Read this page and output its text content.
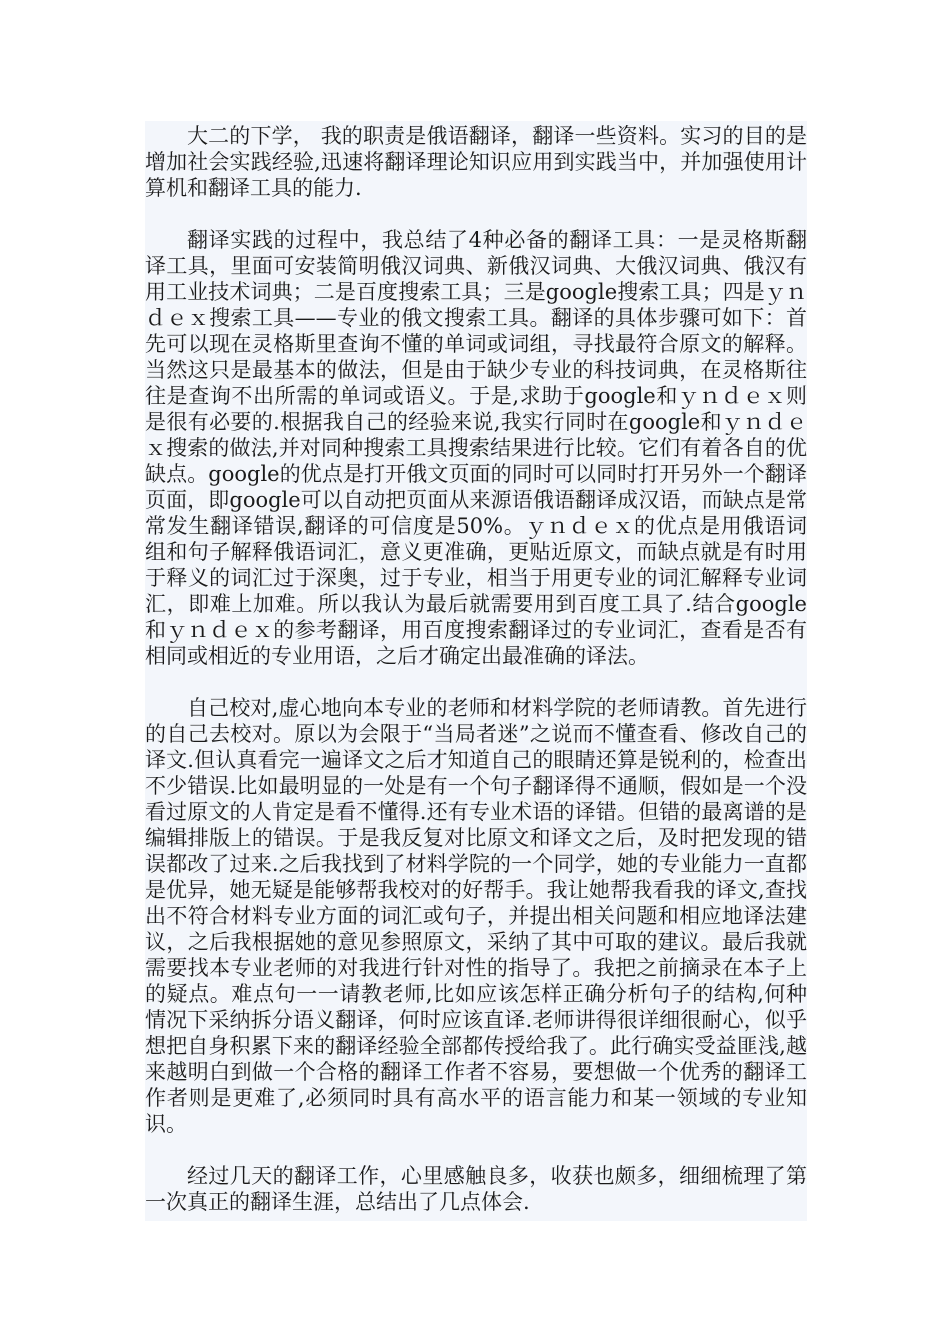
大二的下学， 我的职责是俄语翻译，翻译一些资料。实习的目的是增加社会实践经验,迅速将翻译理论知识应用到实践当中，并加强使用计算机和翻译工具的能力.

翻译实践的过程中，我总结了4种必备的翻译工具：一是灵格斯翻译工具，里面可安装简明俄汉词典、新俄汉词典、大俄汉词典、俄汉有用工业技术词典；二是百度搜索工具；三是google搜索工具；四是ｙｎｄｅｘ搜索工具——专业的俄文搜索工具。翻译的具体步骤可如下：首先可以现在灵格斯里查询不懂的单词或词组，寻找最符合原文的解释。当然这只是最基本的做法，但是由于缺少专业的科技词典，在灵格斯往往是查询不出所需的单词或语义。于是,求助于google和ｙｎｄｅｘ则是很有必要的.根据我自己的经验来说,我实行同时在google和ｙｎｄｅｘ搜索的做法,并对同种搜索工具搜索结果进行比较。它们有着各自的优缺点。google的优点是打开俄文页面的同时可以同时打开另外一个翻译页面，即google可以自动把页面从来源语俄语翻译成汉语，而缺点是常常发生翻译错误,翻译的可信度是50%。ｙｎｄｅｘ的优点是用俄语词组和句子解释俄语词汇，意义更准确，更贴近原文，而缺点就是有时用于释义的词汇过于深奥，过于专业，相当于用更专业的词汇解释专业词汇，即难上加难。所以我认为最后就需要用到百度工具了.结合google和ｙｎｄｅｘ的参考翻译，用百度搜索翻译过的专业词汇，查看是否有相同或相近的专业用语，之后才确定出最准确的译法。

自己校对,虚心地向本专业的老师和材料学院的老师请教。首先进行的自己去校对。原以为会限于“当局者迷”之说而不懂查看、修改自己的译文.但认真看完一遍译文之后才知道自己的眼睛还算是锐利的，检查出不少错误.比如最明显的一处是有一个句子翻译得不通顺，假如是一个没看过原文的人肯定是看不懂得.还有专业术语的译错。但错的最离谱的是编辑排版上的错误。于是我反复对比原文和译文之后，及时把发现的错误都改了过来.之后我找到了材料学院的一个同学，她的专业能力一直都是优异，她无疑是能够帮我校对的好帮手。我让她帮我看我的译文,查找出不符合材料专业方面的词汇或句子，并提出相关问题和相应地译法建议，之后我根据她的意见参照原文，采纳了其中可取的建议。最后我就需要找本专业老师的对我进行针对性的指导了。我把之前摘录在本子上的疑点。难点句一一请教老师,比如应该怎样正确分析句子的结构,何种情况下采纳拆分语义翻译，何时应该直译.老师讲得很详细很耐心，似乎想把自身积累下来的翻译经验全部都传授给我了。此行确实受益匪浅,越来越明白到做一个合格的翻译工作者不容易，要想做一个优秀的翻译工作者则是更难了,必须同时具有高水平的语言能力和某一领域的专业知识。

经过几天的翻译工作，心里感触良多，收获也颇多，细细梳理了第一次真正的翻译生涯，总结出了几点体会.
